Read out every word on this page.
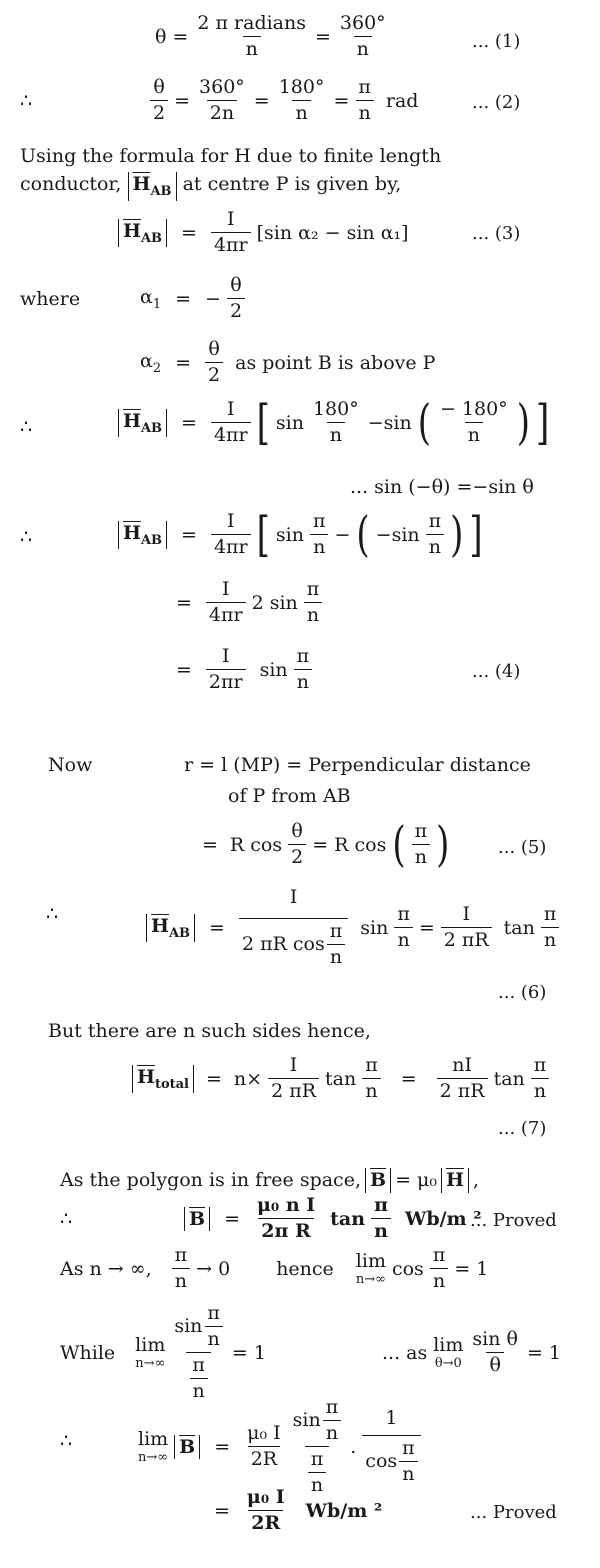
$\theta = \frac{\text{2 π radians}}{n} = \frac{360^\circ}{n}$	... (1)
∴	$\frac{\theta}{2} = \frac{360^\circ}{2n} = \frac{180^\circ}{n} = \frac{\pi}{n}$ rad	... (2)
Using the formula for H due to finite length
conductor, $\overline{H}_{AB}$ at centre P is given by,
$\overline{H}_{AB} = \frac{I}{4\pi r} [\sin$ α₂ − sin α₁]	... (3)
where	$\alpha_1$ = − $\frac{\theta}{2}$
$\alpha_2 = \frac{\theta}{2}$ as point B is above P
∴	$\overline{H}_{AB} = \frac{I}{4\pi r}$ [ $\sin \frac{180^\circ}{n} -\sin$ ( $\frac{- 180^\circ}{n}$ ) ]
... sin (−θ) =−sin θ
∴	$\overline{H}_{AB} = \frac{I}{4\pi r}$ [ $\sin \frac{\pi}{n}$ − ( $-\sin \frac{\pi}{n}$ ) ]
= $\frac{I}{4\pi r} 2$ $\sin \frac{\pi}{n}$
= $\frac{I}{2\pi r}$ $\sin \frac{\pi}{n}$	... (4)
Now	r = l (MP) = Perpendicular distance
of P from AB
= R $\cos \frac{\theta}{2} = R$ cos ( $\frac{\pi}{n}$ )	... (5)
∴
$\overline{H}_{AB} = \frac{I}{2 \pi R \cos \frac{\pi}{n}}$ $\sin \frac{\pi}{n} = \frac{I}{2 \pi R}$ $\tan \frac{\pi}{n}$
... (6)
But there are n such sides hence,
$\overline{H}_{total} = n\times \frac{I}{2 \pi R}$ $\tan \frac{\pi}{n} = \frac{nI}{2 \pi R}$ $\tan \frac{\pi}{n}$
... (7)
As the polygon is in free space, $\overline{B} = \mu_0$ $\overline{H}$ ,
∴	$\overline{B} = \frac{\text{μ₀ n I}}{\text{2π R}}$ $\tan \frac{\pi}{n} Wb/m$ ²
... Proved
As n → ∞, $\frac{\pi}{n} \to 0$ hence lim
n→∞ $\cos \frac{\pi}{n} = 1$
While lim
$n\to\infty \frac{\sin \frac{\pi}{n}}{\frac{\pi}{n}} = 1$	... as lim
$\theta\to 0 \frac{\text{sin θ}}{\theta} = 1$
∴	lim
n→∞
$\overline{B} = \frac{\text{μ₀ I}}{2R} \frac{\sin \frac{\pi}{n}}{\frac{\pi}{n}}$ . $\frac{1}{\cos \frac{\pi}{n}}$
= $\frac{\text{μ₀ I}}{2R} Wb/m$ ²	... Proved
